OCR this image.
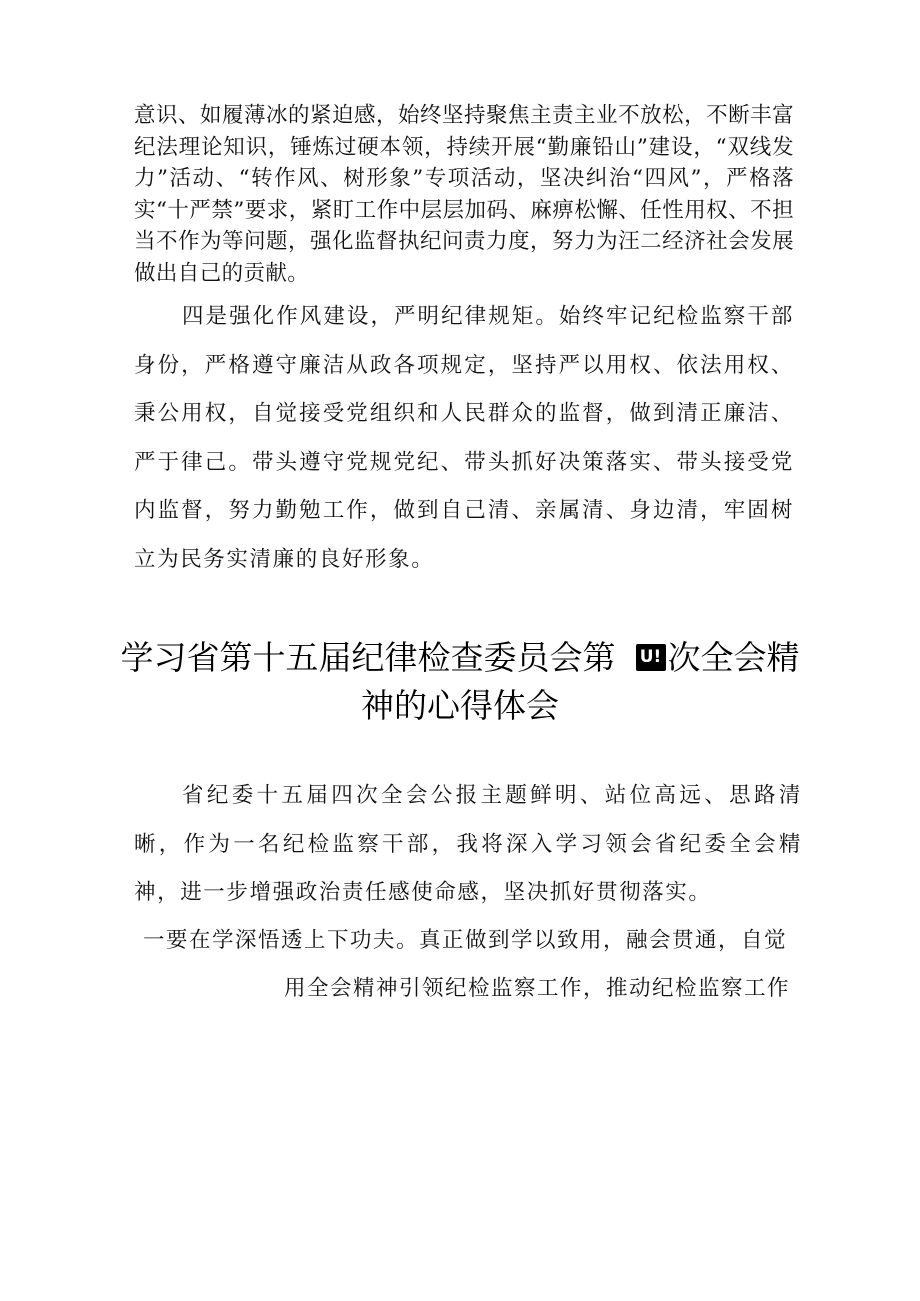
意识、如履薄冰的紧迫感，始终坚持聚焦主责主业不放松，不断丰富纪法理论知识，锤炼过硬本领，持续开展“勤廉铅山”建设，“双线发力”活动、“转作风、树形象”专项活动，坚决纠治“四风”，严格落实“十严禁”要求，紧盯工作中层层加码、麻痹松懈、任性用权、不担当不作为等问题，强化监督执纪问责力度，努力为汪二经济社会发展做出自己的贡献。

四是强化作风建设，严明纪律规矩。始终牢记纪检监察干部身份，严格遵守廉洁从政各项规定，坚持严以用权、依法用权、秉公用权，自觉接受党组织和人民群众的监督，做到清正廉洁、严于律己。带头遵守党规党纪、带头抓好决策落实、带头接受党内监督，努力勤勉工作，做到自己清、亲属清、身边清，牢固树立为民务实清廉的良好形象。

学习省第十五届纪律检查委员会第 U! 次全会精神的心得体会

省纪委十五届四次全会公报主题鲜明、站位高远、思路清晰，作为一名纪检监察干部，我将深入学习领会省纪委全会精神，进一步增强政治责任感使命感，坚决抓好贯彻落实。

一要在学深悟透上下功夫。真正做到学以致用，融会贯通，自觉

用全会精神引领纪检监察工作，推动纪检监察工作
